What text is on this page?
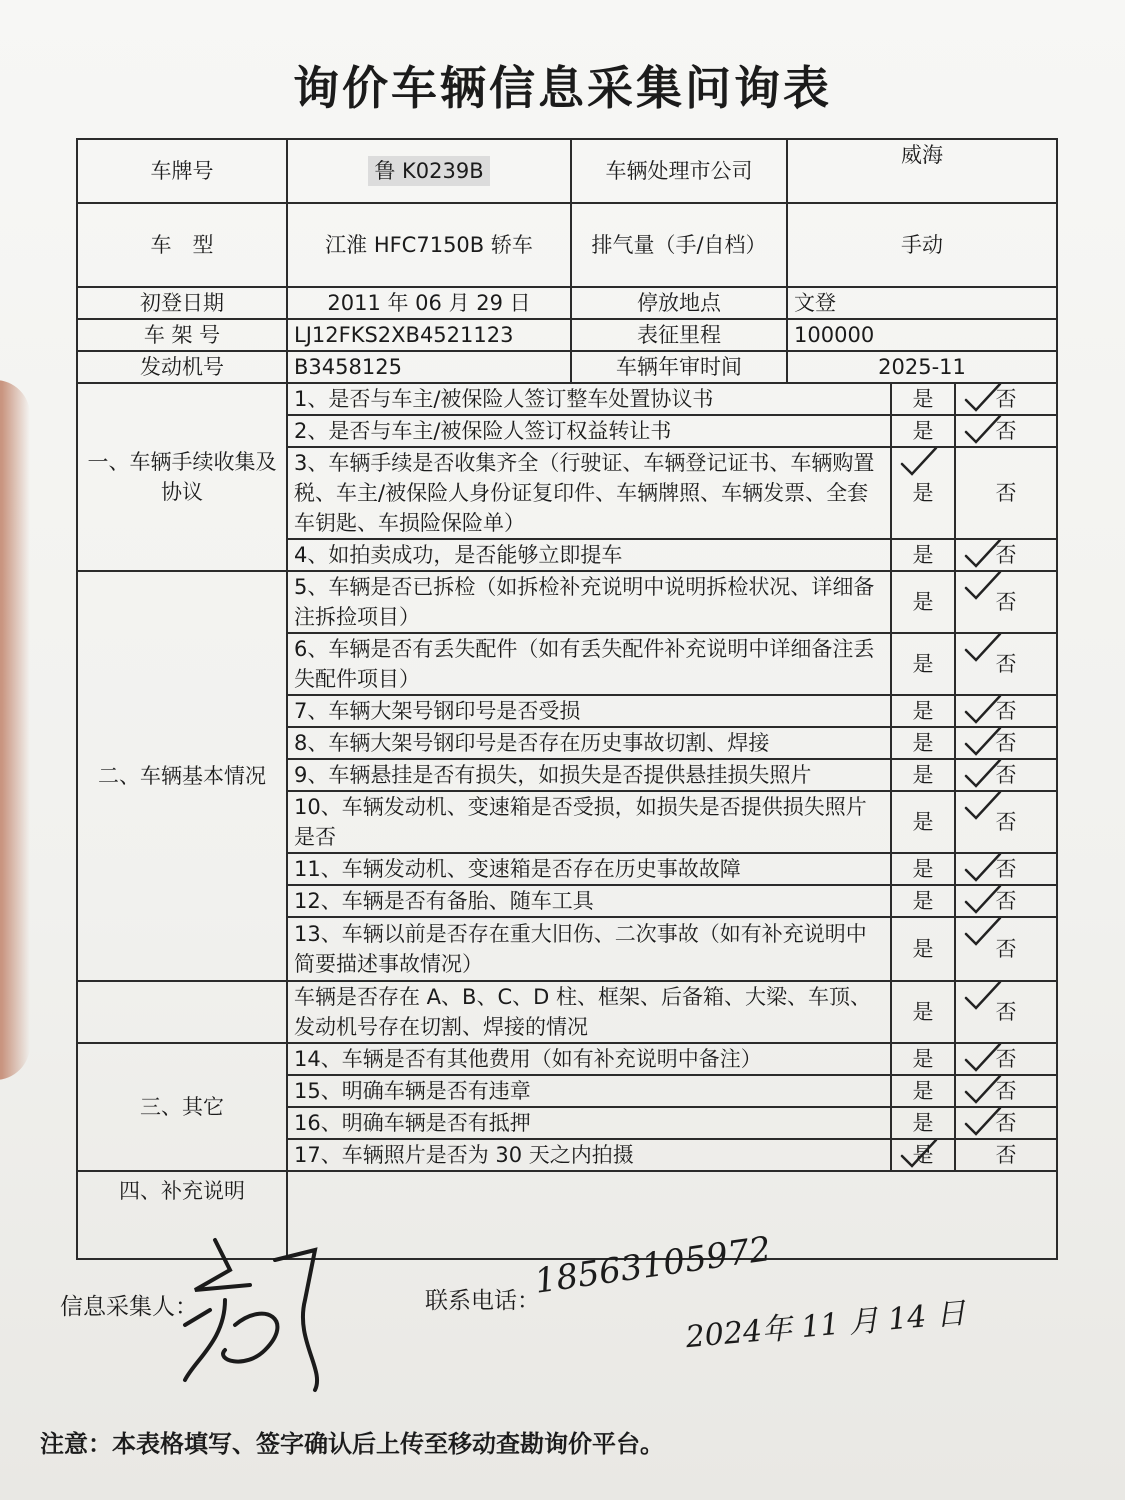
询价车辆信息采集问询表
车牌号	鲁 K0239B	车辆处理市公司	威海		
车　型	江淮 HFC7150B 轿车	排气量（手/自档）	手动		
初登日期	2011 年 06 月 29 日	停放地点	文登		
车 架 号	LJ12FKS2XB4521123	表征里程	100000		
发动机号	B3458125	车辆年审时间	2025-11		
一、车辆手续收集及协议	1、是否与车主/被保险人签订整车处置协议书			是	否

	2、是否与车主/被保险人签订权益转让书			是	否

	3、车辆手续是否收集齐全（行驶证、车辆登记证书、车辆购置税、车主/被保险人身份证复印件、车辆牌照、车辆发票、全套车钥匙、车损险保险单）			是	否
	4、如拍卖成功，是否能够立即提车			是	否

二、车辆基本情况	5、车辆是否已拆检（如拆检补充说明中说明拆检状况、详细备注拆捡项目）			是	否

	6、车辆是否有丢失配件（如有丢失配件补充说明中详细备注丢失配件项目）			是	否

	7、车辆大架号钢印号是否受损			是	否

	8、车辆大架号钢印号是否存在历史事故切割、焊接			是	否

	9、车辆悬挂是否有损失，如损失是否提供悬挂损失照片			是	否

	10、车辆发动机、变速箱是否受损，如损失是否提供损失照片是否			是	否

	11、车辆发动机、变速箱是否存在历史事故故障			是	否

	12、车辆是否有备胎、随车工具			是	否

	13、车辆以前是否存在重大旧伤、二次事故（如有补充说明中简要描述事故情况）			是	否

	车辆是否存在 A、B、C、D 柱、框架、后备箱、大梁、车顶、发动机号存在切割、焊接的情况			是	否

三、其它	14、车辆是否有其他费用（如有补充说明中备注）			是	否

	15、明确车辆是否有违章			是	否

	16、明确车辆是否有抵押			是	否

	17、车辆照片是否为 30 天之内拍摄			是	否
四、补充说明					
信息采集人：	联系电话：
18563105972
2024年 11 月 14 日
注意：本表格填写、签字确认后上传至移动查勘询价平台。
